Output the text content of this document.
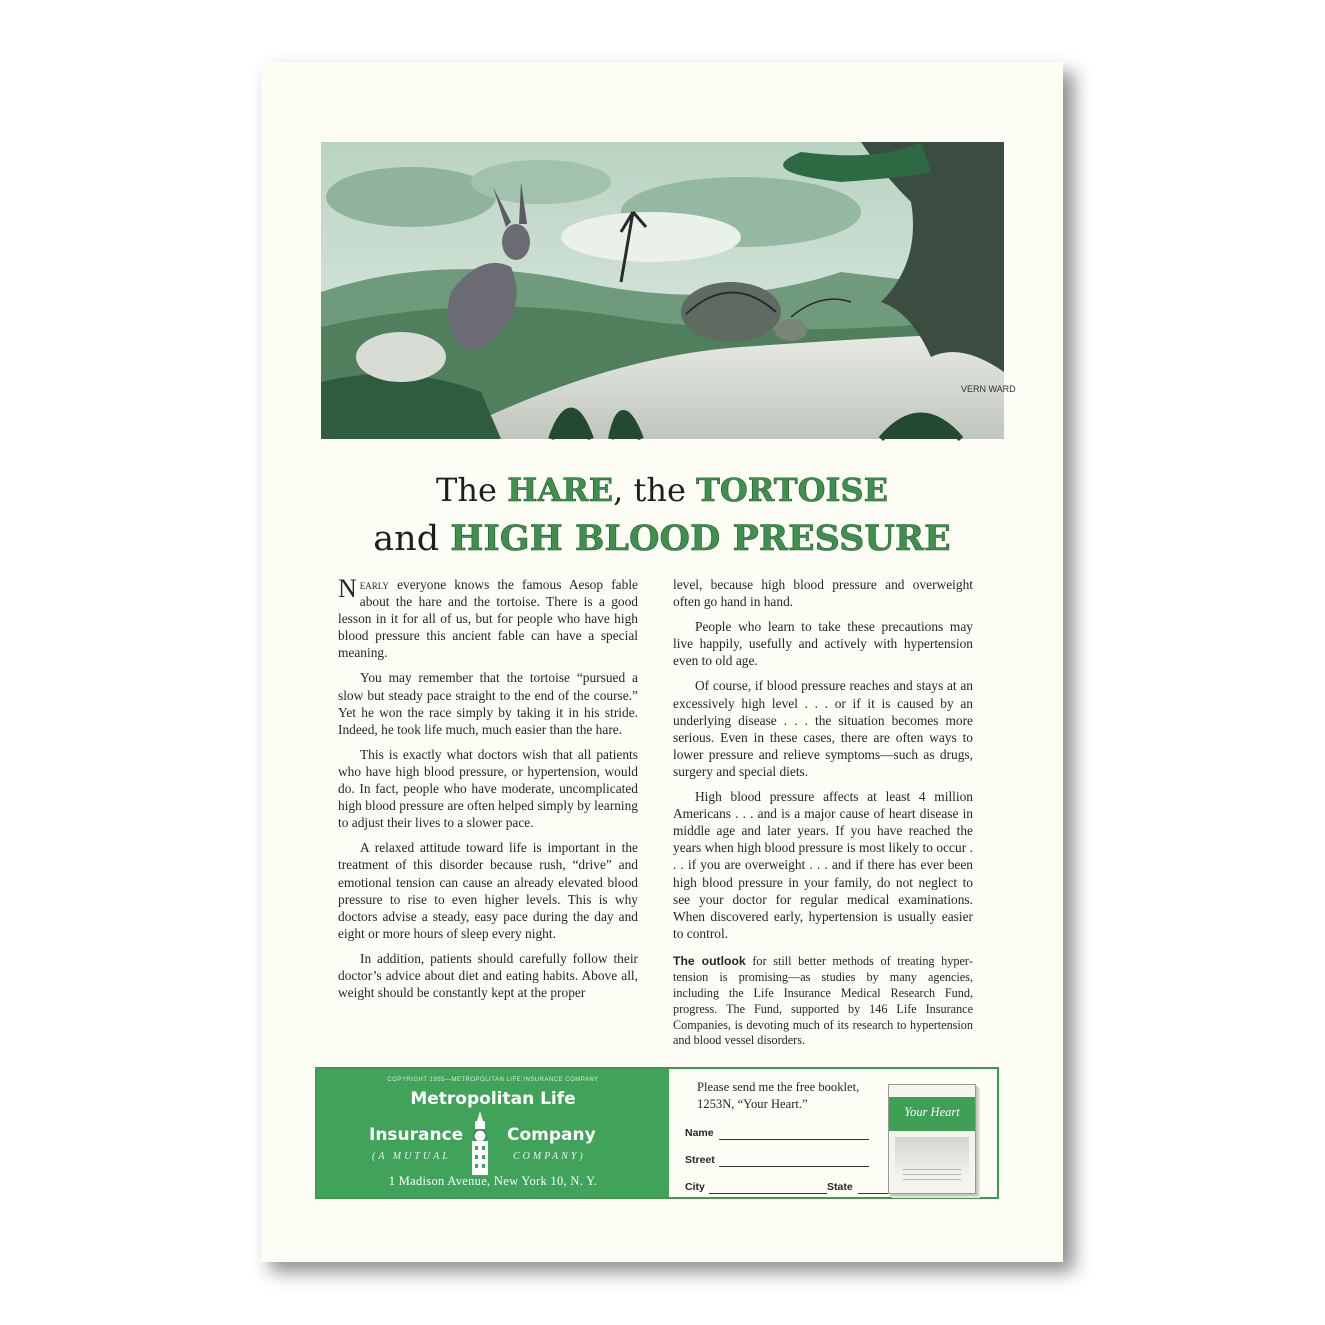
VERN WARD
The HARE, the TORTOISE
and HIGH BLOOD PRESSURE

Nearly everyone knows the famous Aesop fable about the hare and the tortoise. There is a good lesson in it for all of us, but for people who have high blood pressure this ancient fable can have a special meaning.

You may remember that the tortoise “pursued a slow but steady pace straight to the end of the course.” Yet he won the race simply by taking it in his stride. Indeed, he took life much, much easier than the hare.

This is exactly what doctors wish that all patients who have high blood pressure, or hypertension, would do. In fact, people who have moderate, uncomplicated high blood pressure are often helped simply by learning to adjust their lives to a slower pace.

A relaxed attitude toward life is important in the treatment of this disorder because rush, “drive” and emotional tension can cause an already elevated blood pressure to rise to even higher levels. This is why doctors advise a steady, easy pace during the day and eight or more hours of sleep every night.

In addition, patients should carefully follow their doctor’s advice about diet and eating habits. Above all, weight should be constantly kept at the proper

level, because high blood pressure and overweight often go hand in hand.

People who learn to take these precautions may live happily, usefully and actively with hypertension even to old age.

Of course, if blood pressure reaches and stays at an excessively high level . . . or if it is caused by an underlying disease . . . the situation becomes more serious. Even in these cases, there are often ways to lower pressure and relieve symptoms—such as drugs, surgery and special diets.

High blood pressure affects at least 4 million Americans . . . and is a major cause of heart disease in middle age and later years. If you have reached the years when high blood pressure is most likely to occur . . . if you are overweight . . . and if there has ever been high blood pressure in your family, do not neglect to see your doctor for regular medical examinations. When discovered early, hypertension is usually easier to control.

The outlook for still better methods of treating hypertension is promising—as studies by many agencies, including the Life Insurance Medical Research Fund, progress. The Fund, supported by 146 Life Insurance Companies, is devoting much of its research to hypertension and blood vessel disorders.

COPYRIGHT 1955—METROPOLITAN LIFE INSURANCE COMPANY
Metropolitan Life
Insurance	Company
(A MUTUAL	COMPANY)
1 Madison Avenue, New York 10, N. Y.
Please send me the free booklet, 1253N, “Your Heart.”
Name
Street
City	State
Your Heart
